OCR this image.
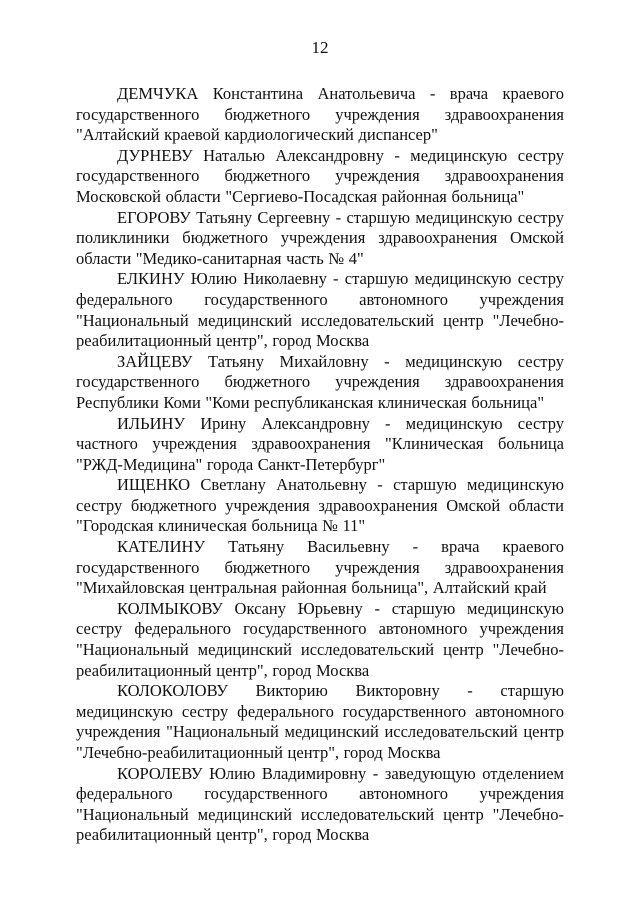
12

ДЕМЧУКА Константина Анатольевича - врача краевого государственного бюджетного учреждения здравоохранения "Алтайский краевой кардиологический диспансер"

ДУРНЕВУ Наталью Александровну - медицинскую сестру государственного бюджетного учреждения здравоохранения Московской области "Сергиево-Посадская районная больница"

ЕГОРОВУ Татьяну Сергеевну - старшую медицинскую сестру поликлиники бюджетного учреждения здравоохранения Омской области "Медико-санитарная часть № 4"

ЕЛКИНУ Юлию Николаевну - старшую медицинскую сестру федерального государственного автономного учреждения "Национальный медицинский исследовательский центр "Лечебно-реабилитационный центр", город Москва

ЗАЙЦЕВУ Татьяну Михайловну - медицинскую сестру государственного бюджетного учреждения здравоохранения Республики Коми "Коми республиканская клиническая больница"

ИЛЬИНУ Ирину Александровну - медицинскую сестру частного учреждения здравоохранения "Клиническая больница "РЖД-Медицина" города Санкт-Петербург"

ИЩЕНКО Светлану Анатольевну - старшую медицинскую сестру бюджетного учреждения здравоохранения Омской области "Городская клиническая больница № 11"

КАТЕЛИНУ Татьяну Васильевну - врача краевого государственного бюджетного учреждения здравоохранения "Михайловская центральная районная больница", Алтайский край

КОЛМЫКОВУ Оксану Юрьевну - старшую медицинскую сестру федерального государственного автономного учреждения "Национальный медицинский исследовательский центр "Лечебно-реабилитационный центр", город Москва

КОЛОКОЛОВУ Викторию Викторовну - старшую медицинскую сестру федерального государственного автономного учреждения "Национальный медицинский исследовательский центр "Лечебно-реабилитационный центр", город Москва

КОРОЛЕВУ Юлию Владимировну - заведующую отделением федерального государственного автономного учреждения "Национальный медицинский исследовательский центр "Лечебно-реабилитационный центр", город Москва
